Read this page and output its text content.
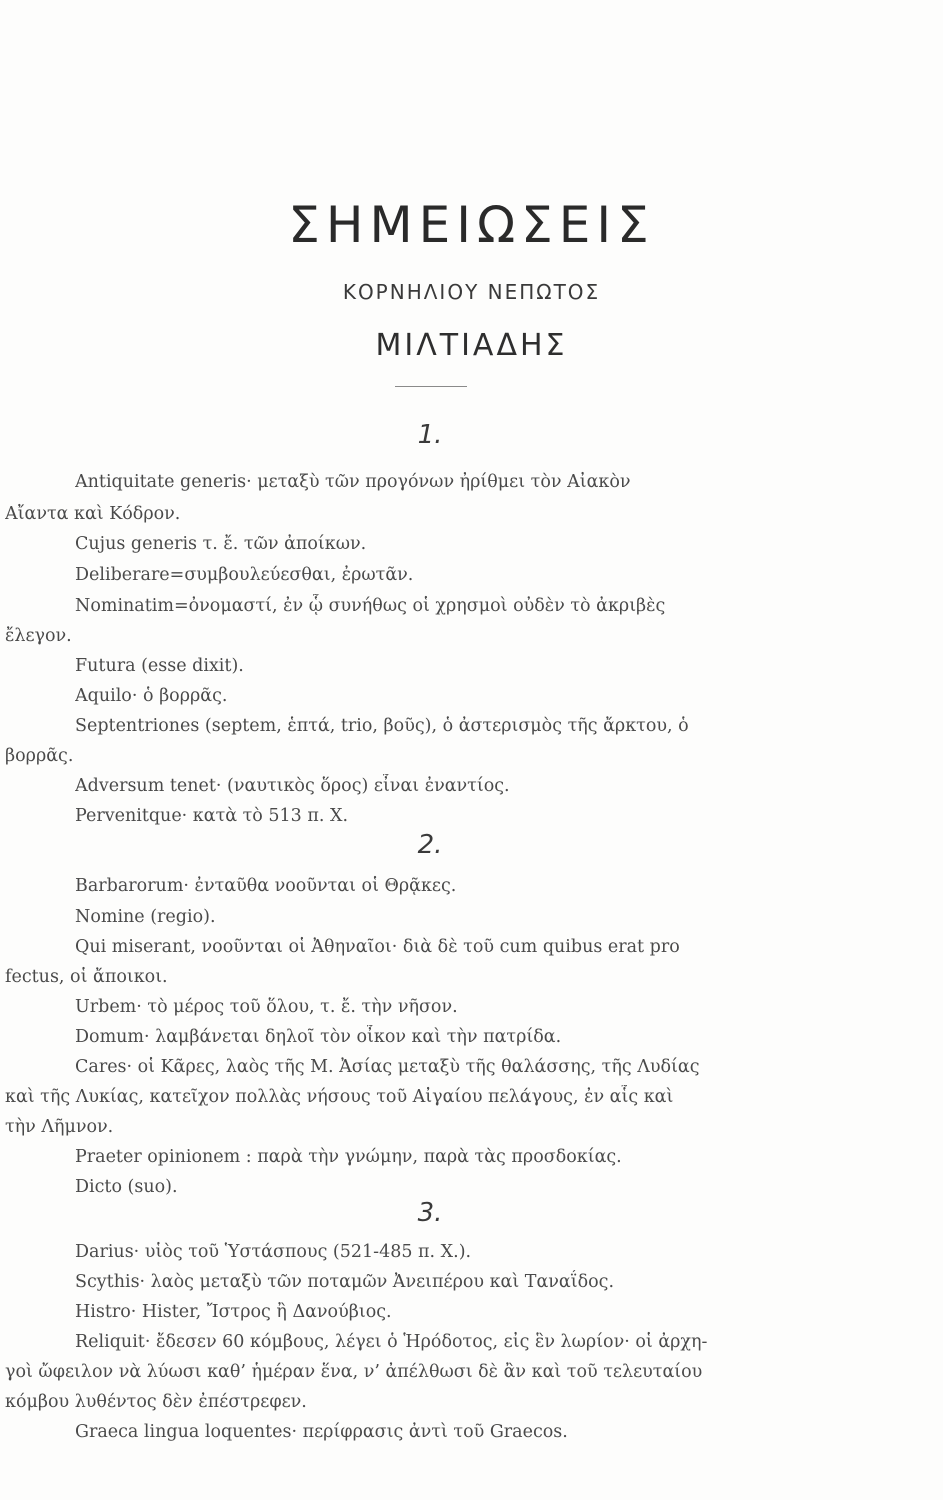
ΣΗΜΕΙΩΣΕΙΣ
ΚΟΡΝΗΛΙΟΥ ΝΕΠΩΤΟΣ
ΜΙΛΤΙΑΔΗΣ
1.
Antiquitate generis· μεταξὺ τῶν προγόνων ἠρίθμει τὸν Αἰακὸν
Αἴαντα καὶ Κόδρον.
Cujus generis τ. ἔ. τῶν ἀποίκων.
Deliberare=συμβουλεύεσθαι, ἐρωτᾶν.
Nominatim=ὀνομαστί, ἐν ᾧ συνήθως οἱ χρησμοὶ οὐδὲν τὸ ἀκριβὲς
ἔλεγον.
Futura (esse dixit).
Aquilo· ὁ βορρᾶς.
Septentriones (septem, ἑπτά, trio, βοῦς), ὁ ἀστερισμὸς τῆς ἄρκτου, ὁ
βορρᾶς.
Adversum tenet· (ναυτικὸς ὅρος) εἶναι ἐναντίος.
Pervenitque· κατὰ τὸ 513 π. Χ.
2.
Barbarorum· ἐνταῦθα νοοῦνται οἱ Θρᾷκες.
Nomine (regio).
Qui miserant, νοοῦνται οἱ Ἀθηναῖοι· διὰ δὲ τοῦ cum quibus erat pro
fectus, οἱ ἄποικοι.
Urbem· τὸ μέρος τοῦ ὅλου, τ. ἔ. τὴν νῆσον.
Domum· λαμβάνεται δηλοῖ τὸν οἶκον καὶ τὴν πατρίδα.
Cares· οἱ Κᾶρες, λαὸς τῆς Μ. Ἀσίας μεταξὺ τῆς θαλάσσης, τῆς Λυδίας
καὶ τῆς Λυκίας, κατεῖχον πολλὰς νήσους τοῦ Αἰγαίου πελάγους, ἐν αἷς καὶ
τὴν Λῆμνον.
Praeter opinionem : παρὰ τὴν γνώμην, παρὰ τὰς προσδοκίας.
Dicto (suo).
3.
Darius· υἱὸς τοῦ Ὑστάσπους (521-485 π. Χ.).
Scythis· λαὸς μεταξὺ τῶν ποταμῶν Ἀνειπέρου καὶ Ταναΐδος.
Histro· Hister, Ἴστρος ἢ Δανούβιος.
Reliquit· ἔδεσεν 60 κόμβους, λέγει ὁ Ἡρόδοτος, εἰς ἓν λωρίον· οἱ ἀρχη-
γοὶ ὤφειλον νὰ λύωσι καθ’ ἡμέραν ἕνα, ν’ ἀπέλθωσι δὲ ἂν καὶ τοῦ τελευταίου
κόμβου λυθέντος δὲν ἐπέστρεφεν.
Graeca lingua loquentes· περίφρασις ἀντὶ τοῦ Graecos.
